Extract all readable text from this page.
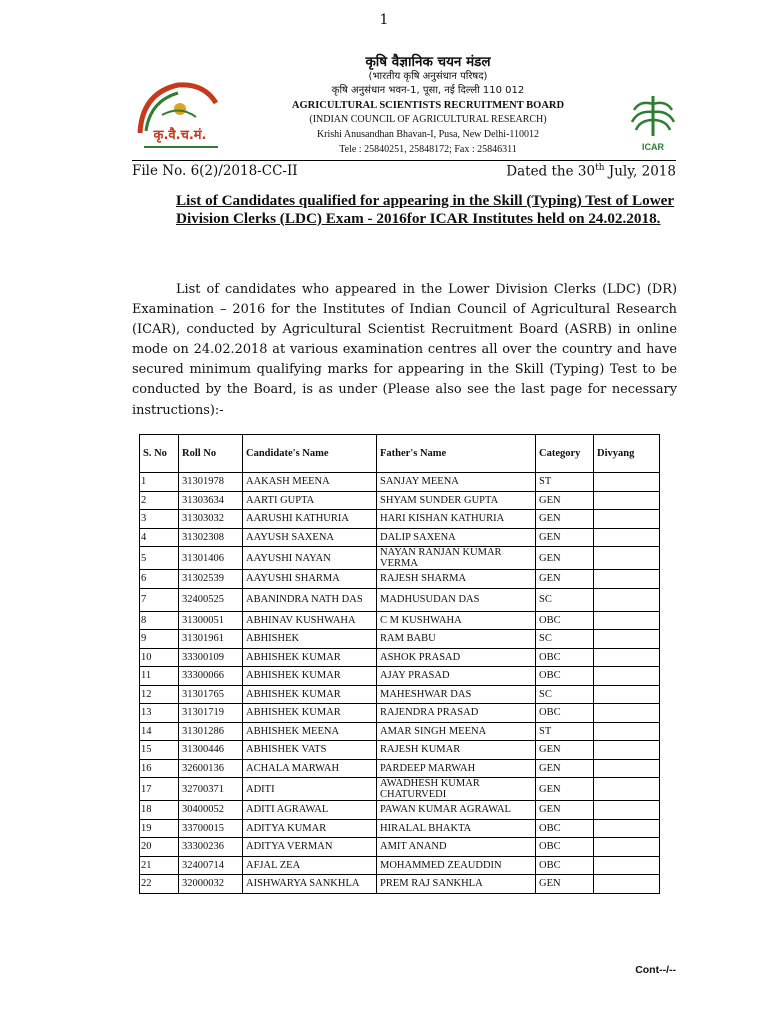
1
कृ.वै.च.मं.
कृषि वैज्ञानिक चयन मंडल
(भारतीय कृषि अनुसंधान परिषद)
कृषि अनुसंधान भवन-1, पूसा, नई दिल्ली 110 012
AGRICULTURAL SCIENTISTS RECRUITMENT BOARD
(INDIAN COUNCIL OF AGRICULTURAL RESEARCH)
Krishi Anusandhan Bhavan-I, Pusa, New Delhi-110012
Tele : 25840251, 25848172; Fax : 25846311	ICAR
File No. 6(2)/2018-CC-II	Dated the 30th July, 2018
List of Candidates qualified for appearing in the Skill (Typing) Test of Lower Division Clerks (LDC) Exam - 2016for ICAR Institutes held on 24.02.2018.
List of candidates who appeared in the Lower Division Clerks (LDC) (DR) Examination – 2016 for the Institutes of Indian Council of Agricultural Research (ICAR), conducted by Agricultural Scientist Recruitment Board (ASRB) in online mode on 24.02.2018 at various examination centres all over the country and have secured minimum qualifying marks for appearing in the Skill (Typing) Test to be conducted by the Board, is as under (Please also see the last page for necessary instructions):-
S. No	Roll No	Candidate's Name	Father's Name	Category	Divyang
1	31301978	AAKASH MEENA	SANJAY MEENA	ST	
2	31303634	AARTI GUPTA	SHYAM SUNDER GUPTA	GEN	
3	31303032	AARUSHI KATHURIA	HARI KISHAN KATHURIA	GEN	
4	31302308	AAYUSH SAXENA	DALIP SAXENA	GEN	
5	31301406	AAYUSHI NAYAN	NAYAN RANJAN KUMAR VERMA	GEN	
6	31302539	AAYUSHI SHARMA	RAJESH SHARMA	GEN	
7	32400525	ABANINDRA NATH DAS	MADHUSUDAN DAS	SC	
8	31300051	ABHINAV KUSHWAHA	C M KUSHWAHA	OBC	
9	31301961	ABHISHEK	RAM BABU	SC	
10	33300109	ABHISHEK KUMAR	ASHOK PRASAD	OBC	
11	33300066	ABHISHEK KUMAR	AJAY PRASAD	OBC	
12	31301765	ABHISHEK KUMAR	MAHESHWAR DAS	SC	
13	31301719	ABHISHEK KUMAR	RAJENDRA PRASAD	OBC	
14	31301286	ABHISHEK MEENA	AMAR SINGH MEENA	ST	
15	31300446	ABHISHEK VATS	RAJESH KUMAR	GEN	
16	32600136	ACHALA MARWAH	PARDEEP MARWAH	GEN	
17	32700371	ADITI	AWADHESH KUMAR CHATURVEDI	GEN	
18	30400052	ADITI AGRAWAL	PAWAN KUMAR AGRAWAL	GEN	
19	33700015	ADITYA KUMAR	HIRALAL BHAKTA	OBC	
20	33300236	ADITYA VERMAN	AMIT ANAND	OBC	
21	32400714	AFJAL ZEA	MOHAMMED ZEAUDDIN	OBC	
22	32000032	AISHWARYA SANKHLA	PREM RAJ SANKHLA	GEN	
Cont--/--
